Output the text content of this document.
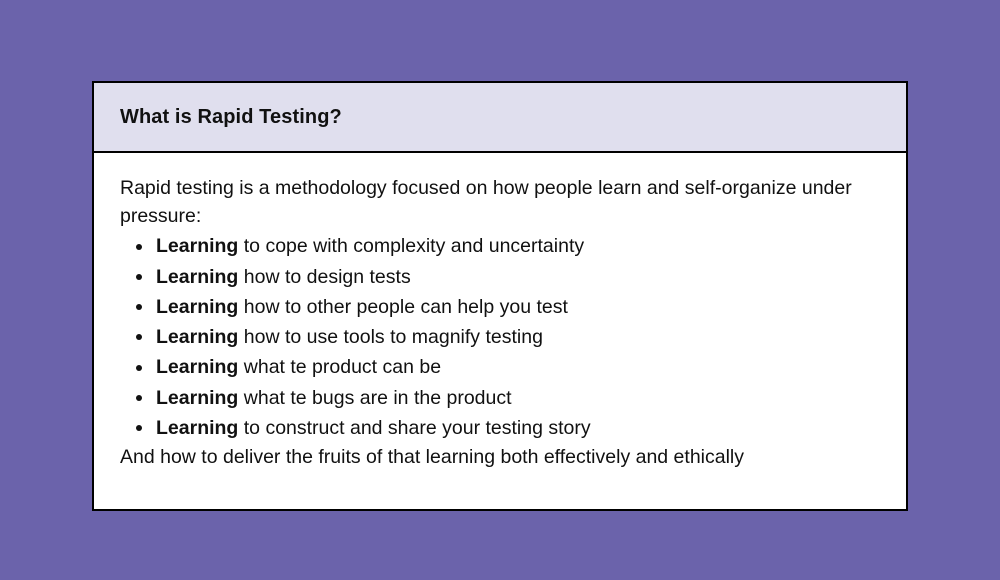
What is Rapid Testing?

Rapid testing is a methodology focused on how people learn and self-organize under pressure:

Learning to cope with complexity and uncertainty
Learning how to design tests
Learning how to other people can help you test
Learning how to use tools to magnify testing
Learning what te product can be
Learning what te bugs are in the product
Learning to construct and share your testing story

And how to deliver the fruits of that learning both effectively and ethically
